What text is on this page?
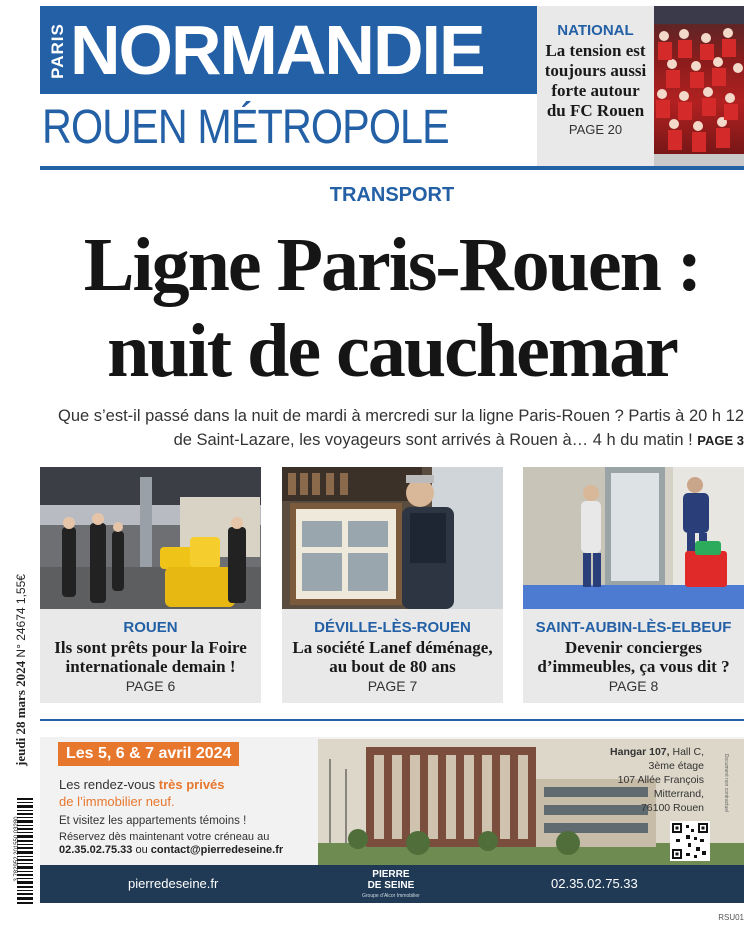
PARIS NORMANDIE
ROUEN MÉTROPOLE
NATIONAL
La tension est toujours aussi forte autour du FC Rouen
PAGE 20
TRANSPORT
Ligne Paris-Rouen :
nuit de cauchemar
Que s’est-il passé dans la nuit de mardi à mercredi sur la ligne Paris-Rouen ? Partis à 20 h 12 de Saint-Lazare, les voyageurs sont arrivés à Rouen à… 4 h du matin ! PAGE 3
jeudi 28 mars 2024 N° 24674 1,55€
3 782952 201550 03280
ROUEN
Ils sont prêts pour la Foire internationale demain !
PAGE 6
DÉVILLE-LÈS-ROUEN
La société Lanef déménage, au bout de 80 ans
PAGE 7
SAINT-AUBIN-LÈS-ELBEUF
Devenir concierges d’immeubles, ça vous dit ?
PAGE 8
Les 5, 6 & 7 avril 2024
Les rendez-vous très privés
de l’immobilier neuf.
Et visitez les appartements témoins !
Réservez dès maintenant votre créneau au
02.35.02.75.33 ou contact@pierredeseine.fr
Hangar 107, Hall C,
3ème étage
107 Allée François
Mitterrand,
76100 Rouen
pierredeseine.fr
PIERRE
DE SEINE
Groupe d’Alcor Immobilier
02.35.02.75.33
Document non contractuel
RSU01
